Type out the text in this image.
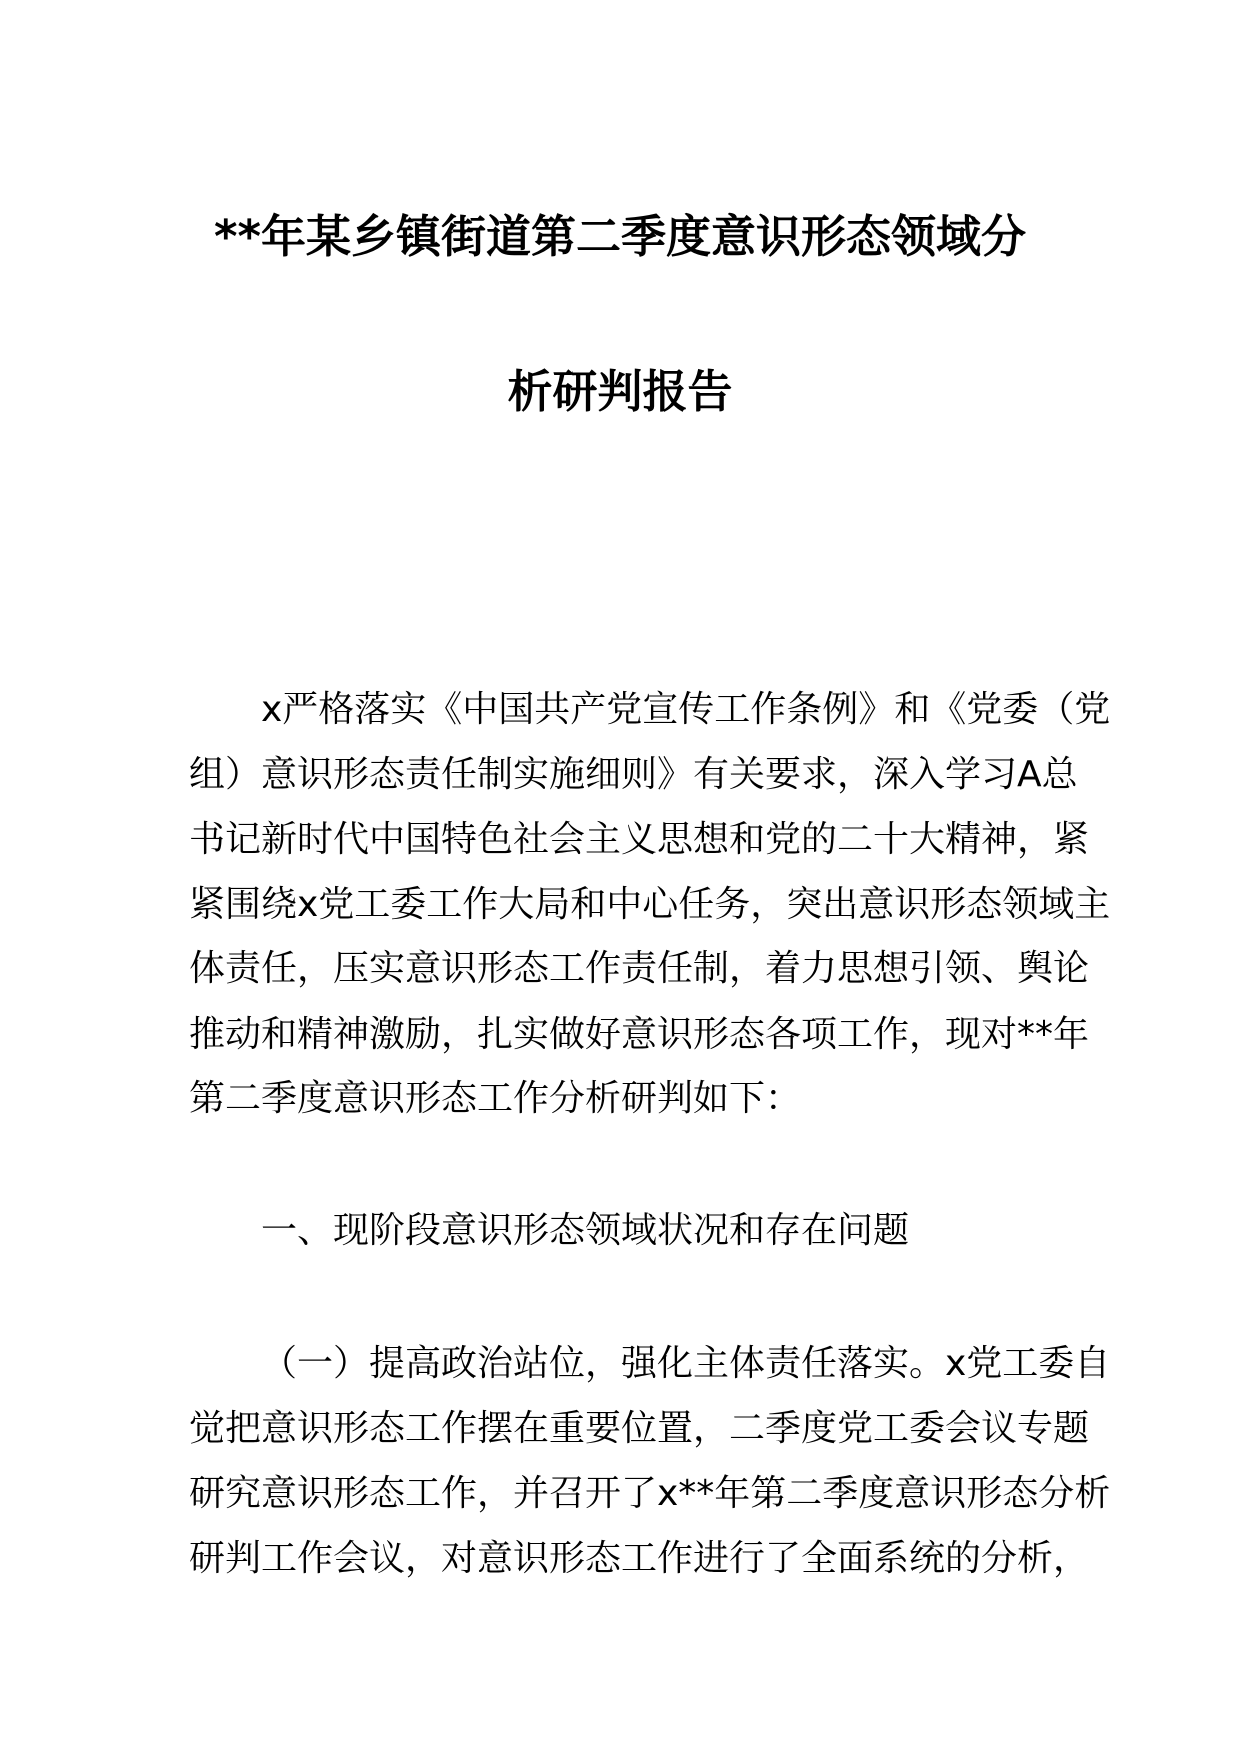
**年某乡镇街道第二季度意识形态领域分
析研判报告
x严格落实《中国共产党宣传工作条例》和《党委（党
组）意识形态责任制实施细则》有关要求，深入学习A总
书记新时代中国特色社会主义思想和党的二十大精神，紧
紧围绕x党工委工作大局和中心任务，突出意识形态领域主
体责任，压实意识形态工作责任制，着力思想引领、舆论
推动和精神激励，扎实做好意识形态各项工作，现对**年
第二季度意识形态工作分析研判如下：
一、现阶段意识形态领域状况和存在问题
（一）提高政治站位，强化主体责任落实。x党工委自
觉把意识形态工作摆在重要位置，二季度党工委会议专题
研究意识形态工作，并召开了x**年第二季度意识形态分析
研判工作会议，对意识形态工作进行了全面系统的分析，
